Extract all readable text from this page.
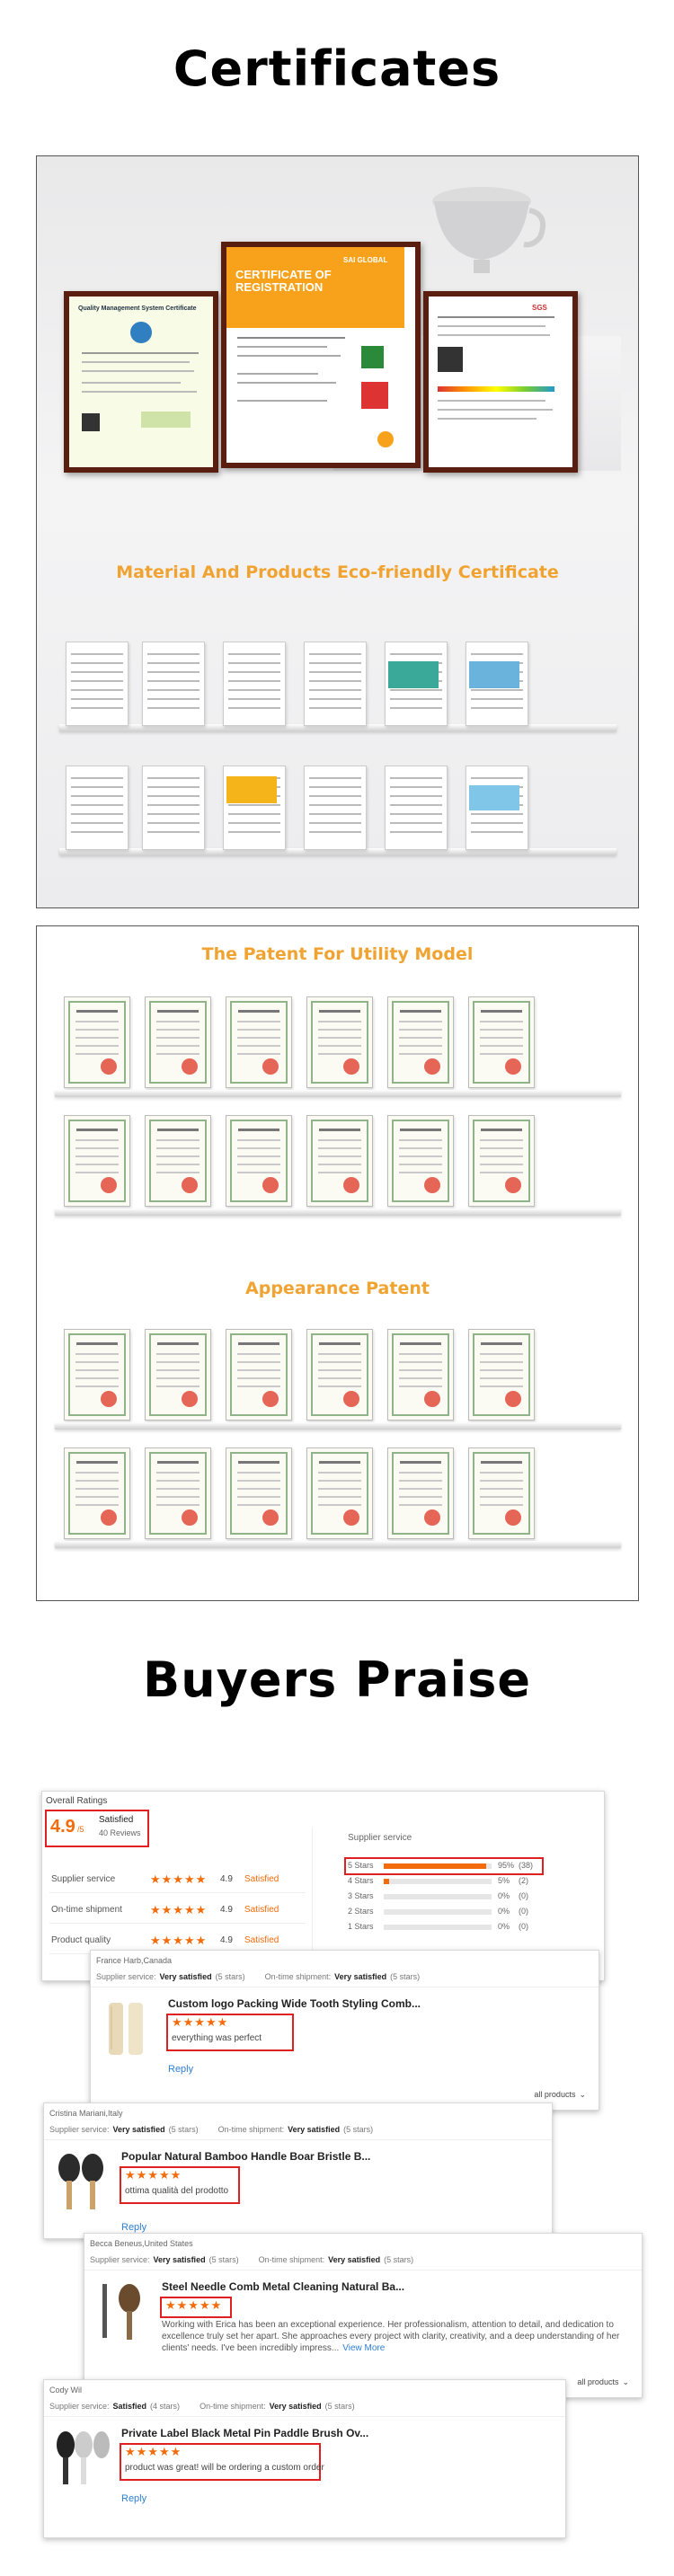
Certificates
Quality Management System Certificate
CERTIFICATE OF REGISTRATION
SAI GLOBAL
SGS
Material And Products Eco-friendly Certificate
The Patent For Utility Model
Appearance Patent
Buyers Praise
Overall Ratings
4.9 /5
Satisfied
40 Reviews	Supplier service
Supplier service	★★★★★ 4.9 Satisfied
On-time shipment ★★★★★ 4.9 Satisfied
Product quality	★★★★★ 4.9 Satisfied
5 Stars	95% (38)
4 Stars	5% (2)
3 Stars	0% (0)
2 Stars	0% (0)
1 Stars	0% (0)
France Harb,Canada
Supplier service: Very satisfied (5 stars) On-time shipment: Very satisfied (5 stars)
Custom logo Packing Wide Tooth Styling Comb...
★★★★★
everything was perfect
Reply
all products ⌄
Cristina Mariani,Italy
Supplier service: Very satisfied (5 stars) On-time shipment: Very satisfied (5 stars)
Popular Natural Bamboo Handle Boar Bristle B...
★★★★★
ottima qualità del prodotto
Reply
Becca Beneus,United States
Supplier service: Very satisfied (5 stars) On-time shipment: Very satisfied (5 stars)
Steel Needle Comb Metal Cleaning Natural Ba...
★★★★★
Working with Erica has been an exceptional experience. Her professionalism, attention to detail, and dedication to excellence truly set her apart. She approaches every project with clarity, creativity, and a deep understanding of her clients' needs. I've been incredibly impress... View More
all products ⌄
Cody Wil
Supplier service: Satisfied (4 stars) On-time shipment: Very satisfied (5 stars)
Private Label Black Metal Pin Paddle Brush Ov...
★★★★★
product was great! will be ordering a custom order
Reply
